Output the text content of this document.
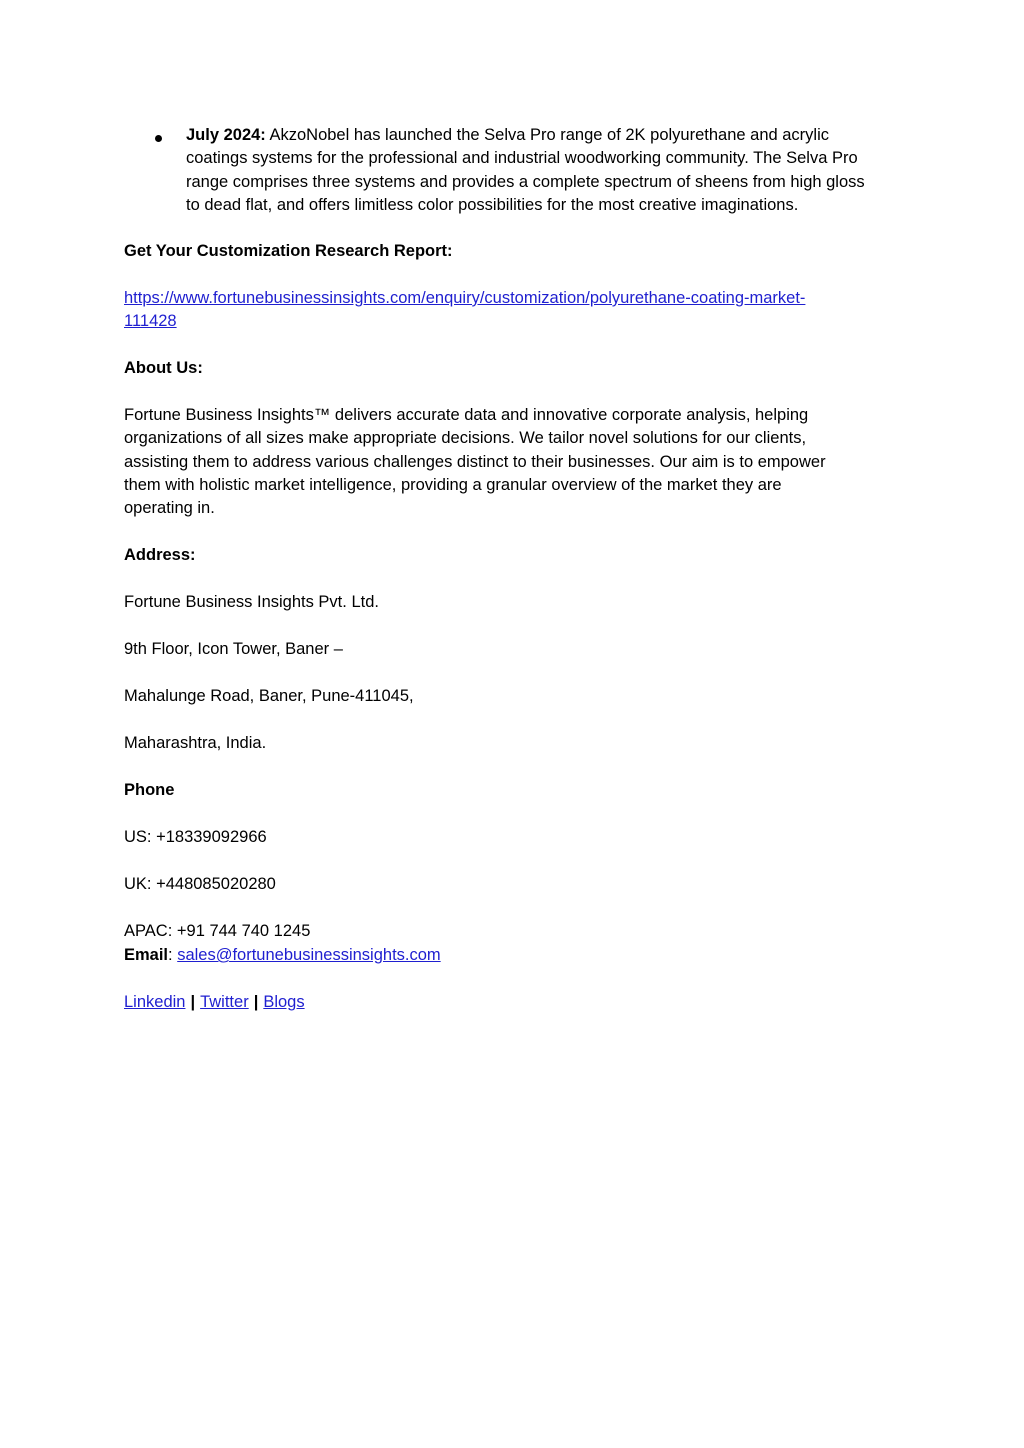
July 2024: AkzoNobel has launched the Selva Pro range of 2K polyurethane and acrylic
coatings systems for the professional and industrial woodworking community. The Selva Pro
range comprises three systems and provides a complete spectrum of sheens from high gloss
to dead flat, and offers limitless color possibilities for the most creative imaginations.
Get Your Customization Research Report:
https://www.fortunebusinessinsights.com/enquiry/customization/polyurethane-coating-market-
111428
About Us:
Fortune Business Insights™ delivers accurate data and innovative corporate analysis, helping
organizations of all sizes make appropriate decisions. We tailor novel solutions for our clients,
assisting them to address various challenges distinct to their businesses. Our aim is to empower
them with holistic market intelligence, providing a granular overview of the market they are
operating in.
Address:
Fortune Business Insights Pvt. Ltd.
9th Floor, Icon Tower, Baner –
Mahalunge Road, Baner, Pune-411045,
Maharashtra, India.
Phone
US: +18339092966
UK: +448085020280
APAC: +91 744 740 1245
Email: sales@fortunebusinessinsights.com
Linkedin | Twitter | Blogs
